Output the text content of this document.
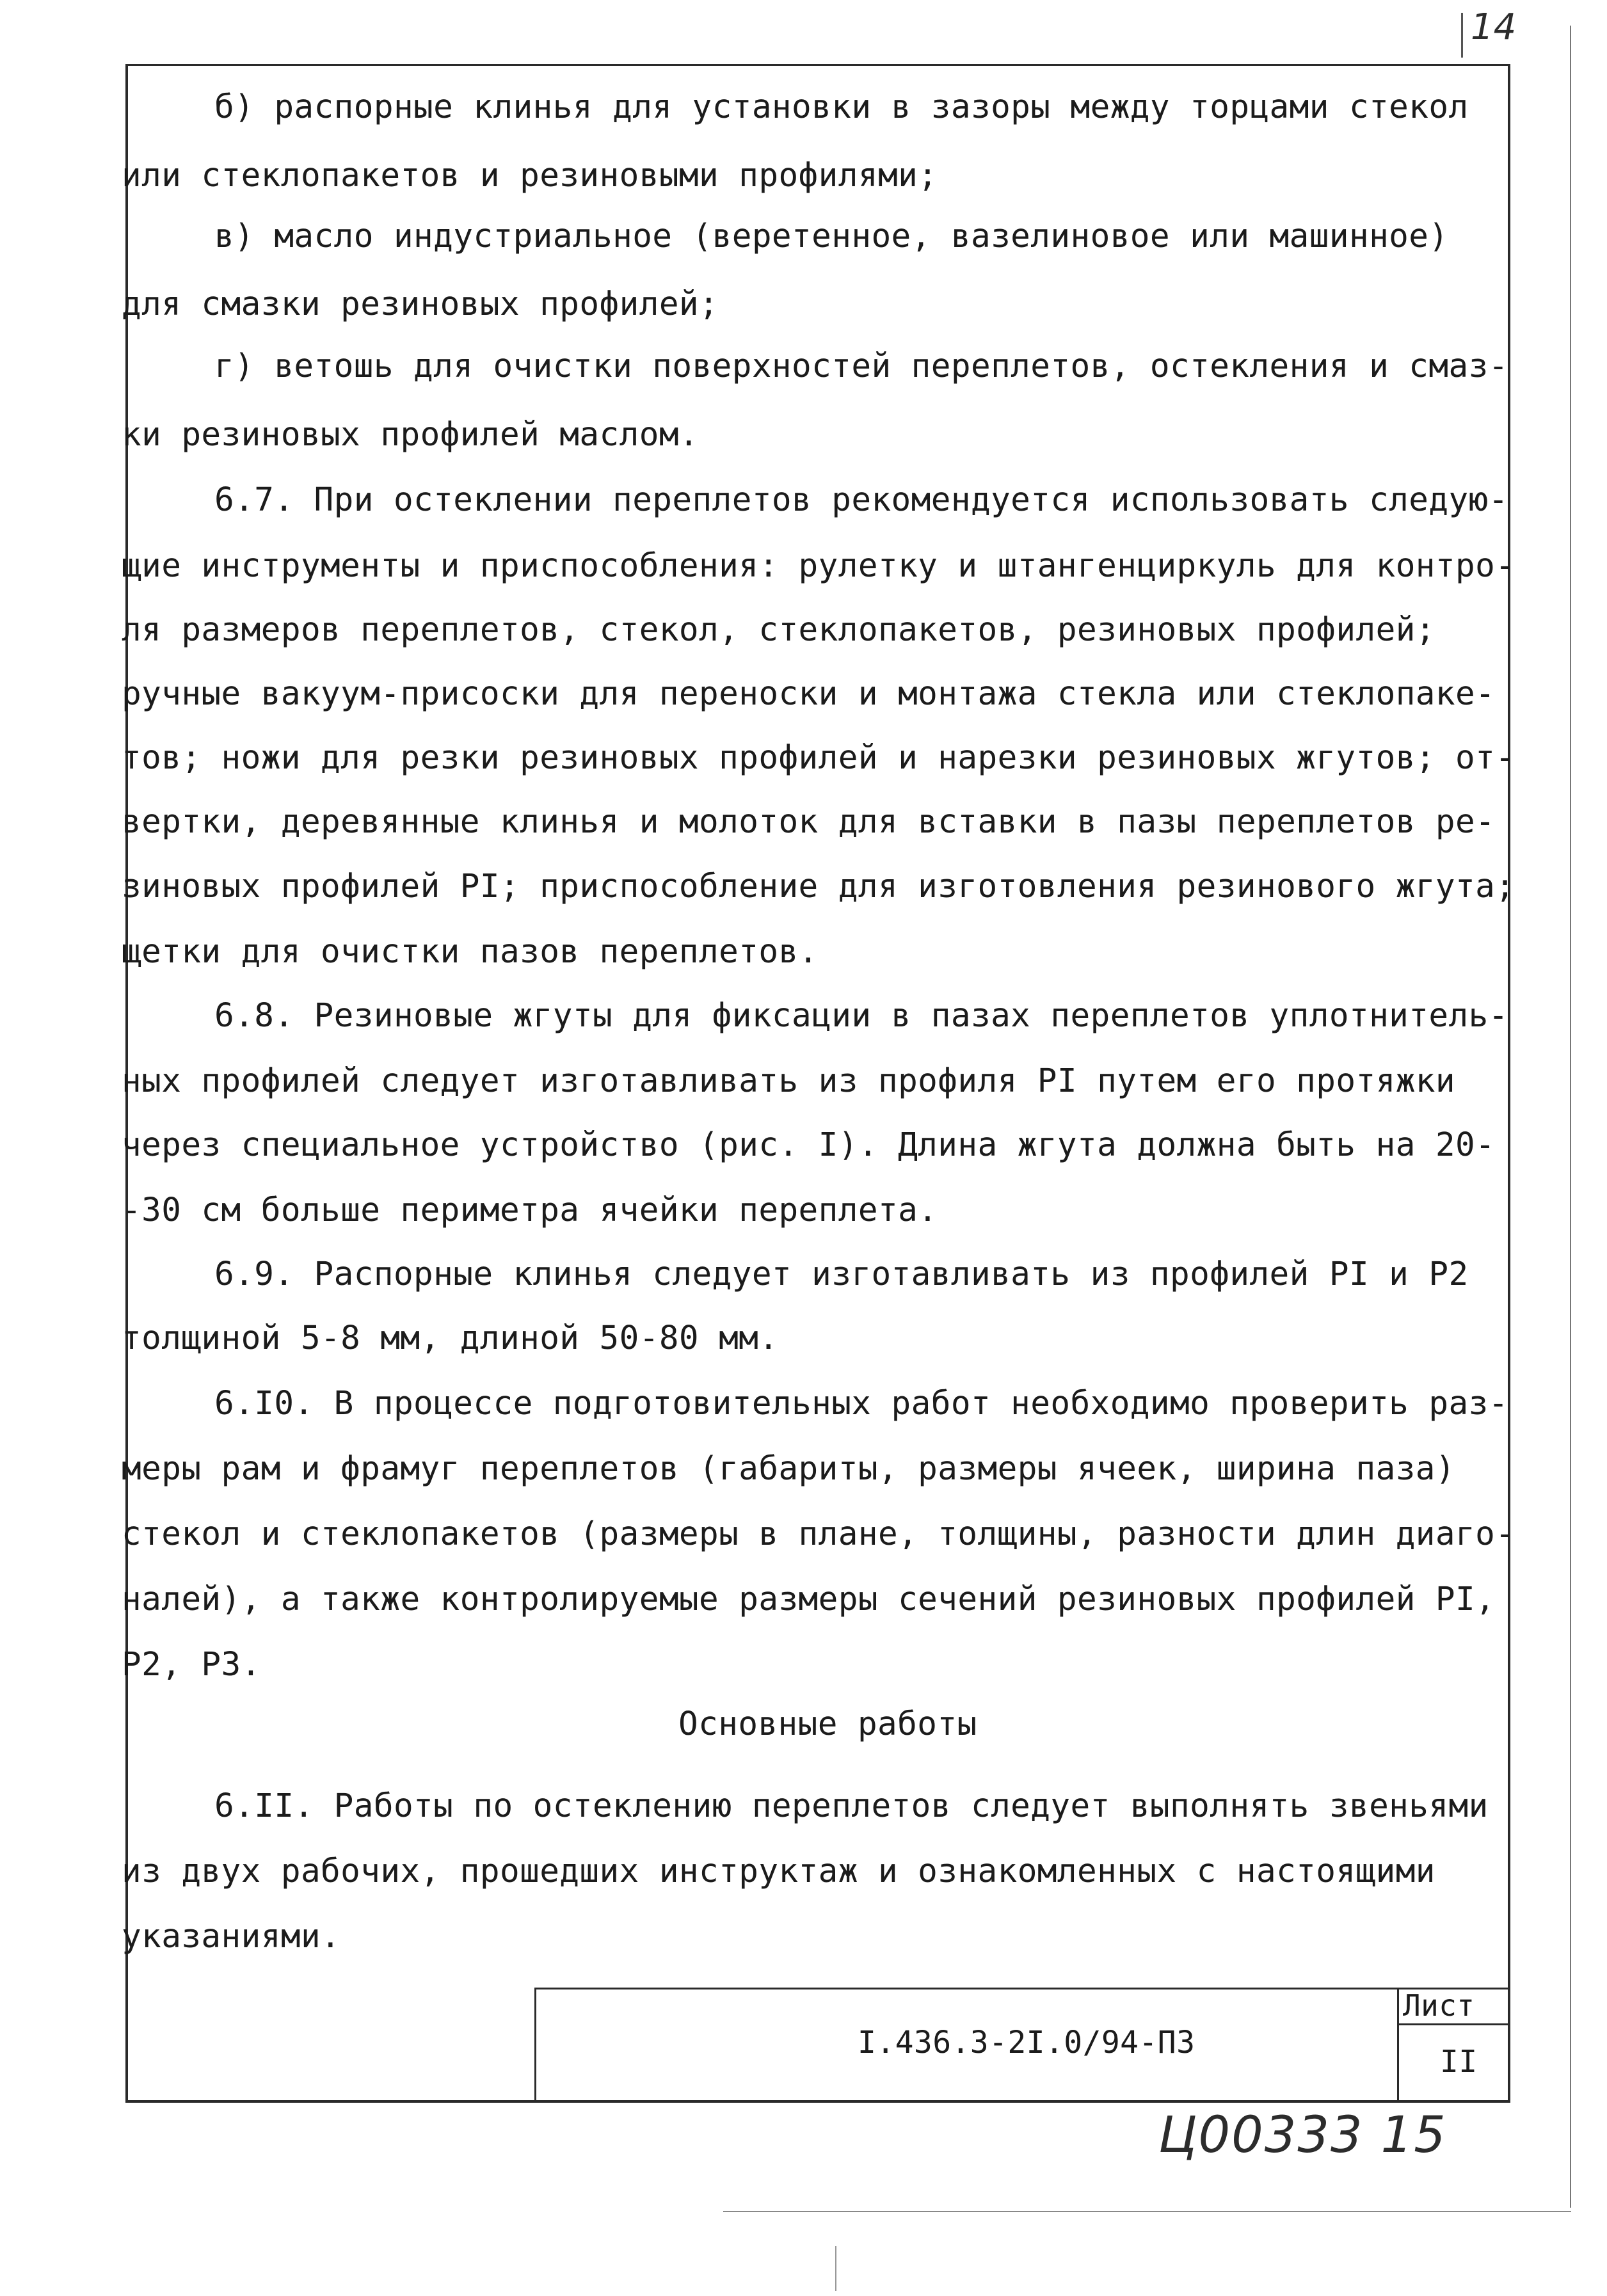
14
б) распорные клинья для установки в зазоры между торцами стекол
или стеклопакетов и резиновыми профилями;
в) масло индустриальное (веретенное, вазелиновое или машинное)
для смазки резиновых профилей;
г) ветошь для очистки поверхностей переплетов, остекления и смаз-
ки резиновых профилей маслом.
6.7. При остеклении переплетов рекомендуется использовать следую-
щие инструменты и приспособления: рулетку и штангенциркуль для контро-
ля размеров переплетов, стекол, стеклопакетов, резиновых профилей;
ручные вакуум-присоски для переноски и монтажа стекла или стеклопаке-
тов; ножи для резки резиновых профилей и нарезки резиновых жгутов; от-
вертки, деревянные клинья и молоток для вставки в пазы переплетов ре-
зиновых профилей PI; приспособление для изготовления резинового жгута;
щетки для очистки пазов переплетов.
6.8. Резиновые жгуты для фиксации в пазах переплетов уплотнитель-
ных профилей следует изготавливать из профиля PI путем его протяжки
через специальное устройство (рис. I). Длина жгута должна быть на 20-
-30 см больше периметра ячейки переплета.
6.9. Распорные клинья следует изготавливать из профилей PI и P2
толщиной 5-8 мм, длиной 50-80 мм.
6.I0. В процессе подготовительных работ необходимо проверить раз-
меры рам и фрамуг переплетов (габариты, размеры ячеек, ширина паза)
стекол и стеклопакетов (размеры в плане, толщины, разности длин диаго-
налей), а также контролируемые размеры сечений резиновых профилей PI,
P2, P3.
Основные работы
6.II. Работы по остеклению переплетов следует выполнять звеньями
из двух рабочих, прошедших инструктаж и ознакомленных с настоящими
указаниями.
I.436.3-2I.0/94-ПЗ
Лист
II
Ц00333 15
